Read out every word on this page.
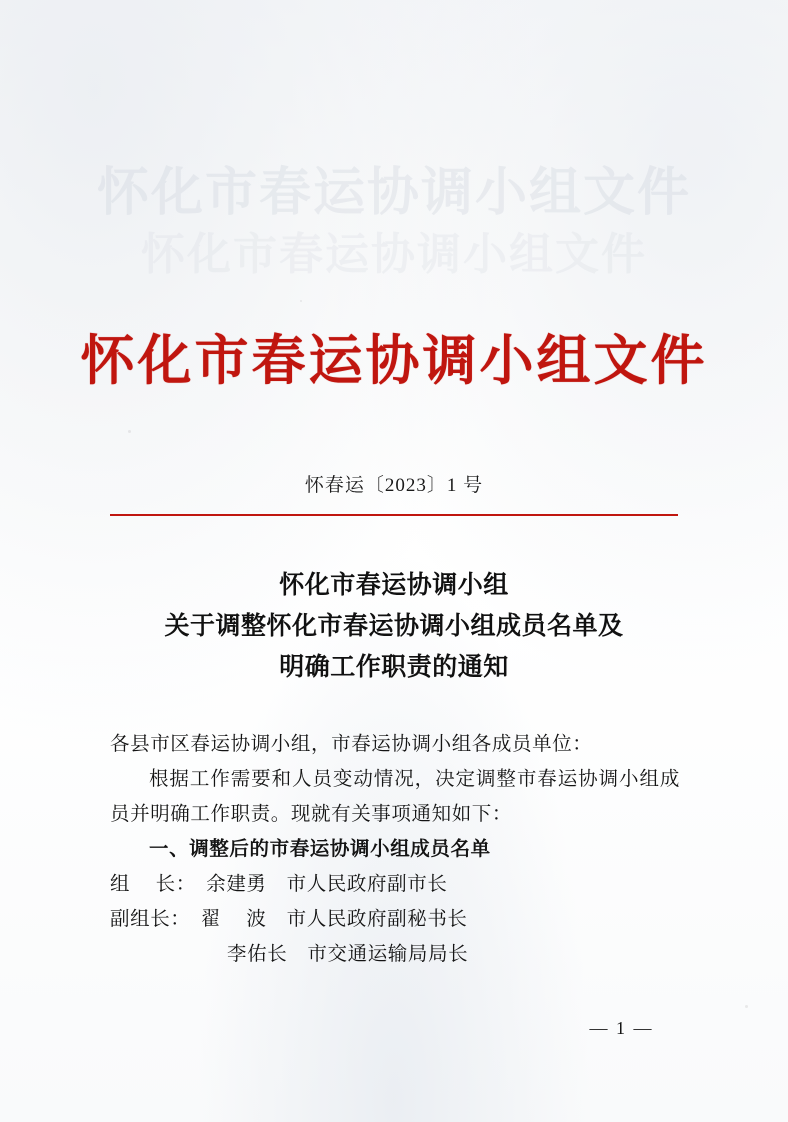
怀化市春运协调小组文件
怀化市春运协调小组文件
怀化市春运协调小组文件
怀春运〔2023〕1 号
怀化市春运协调小组
关于调整怀化市春运协调小组成员名单及
明确工作职责的通知
各县市区春运协调小组，市春运协调小组各成员单位：
根据工作需要和人员变动情况，决定调整市春运协调小组成员并明确工作职责。现就有关事项通知如下：
一、调整后的市春运协调小组成员名单
组　 长：　余建勇　市人民政府副市长
副组长：　翟　 波　市人民政府副秘书长
李佑长　市交通运输局局长
— 1 —
